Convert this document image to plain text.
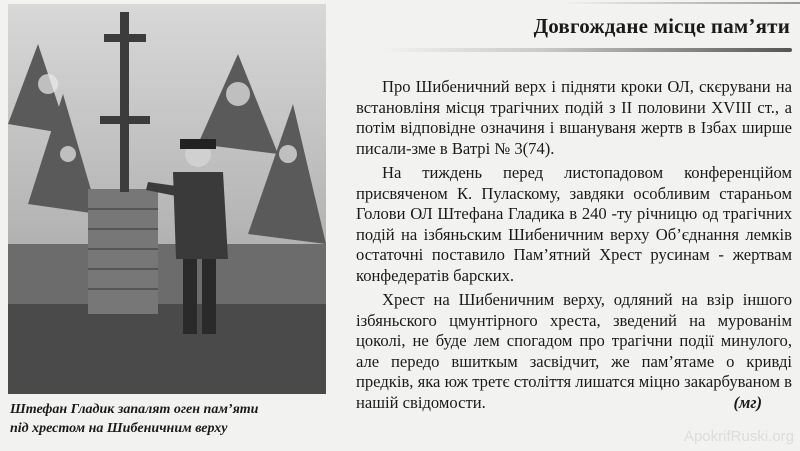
Штефан Гладик запалят оген пам’яти
під хрестом на Шибеничним верху
Довгождане місце пам’яти

Про Шибеничний верх і підняти кроки ОЛ, скєрувани на встановліня місця трагічних подій з ІІ половини XVIII ст., а потім відповідне означиня і вшануваня жертв в Ізбах ширше писали-зме в Ватрі № 3(74).

На тиждень перед листопадовом конференційом присвяченом К. Пуласкому, завдяки особливим стараньом Голови ОЛ Штефана Гладика в 240 -ту річницю од трагічних подій на ізбяньским Шибеничним верху Об’єднання лемків остаточні поставило Пам’ятний Хрест русинам - жертвам конфедератів барских.

Хрест на Шибеничним верху, одляний на взір іншого ізбяньского цмунтірного хреста, зведений на мурованім цоколі, не буде лем спогадом про трагічни події минулого, але передо вшиткым засвідчит, же пам’ятаме о кривді предків, яка юж третє століття лишатся міцно закарбуваном в нашій свідомости.	(мг)

ApokrifRuski.org
